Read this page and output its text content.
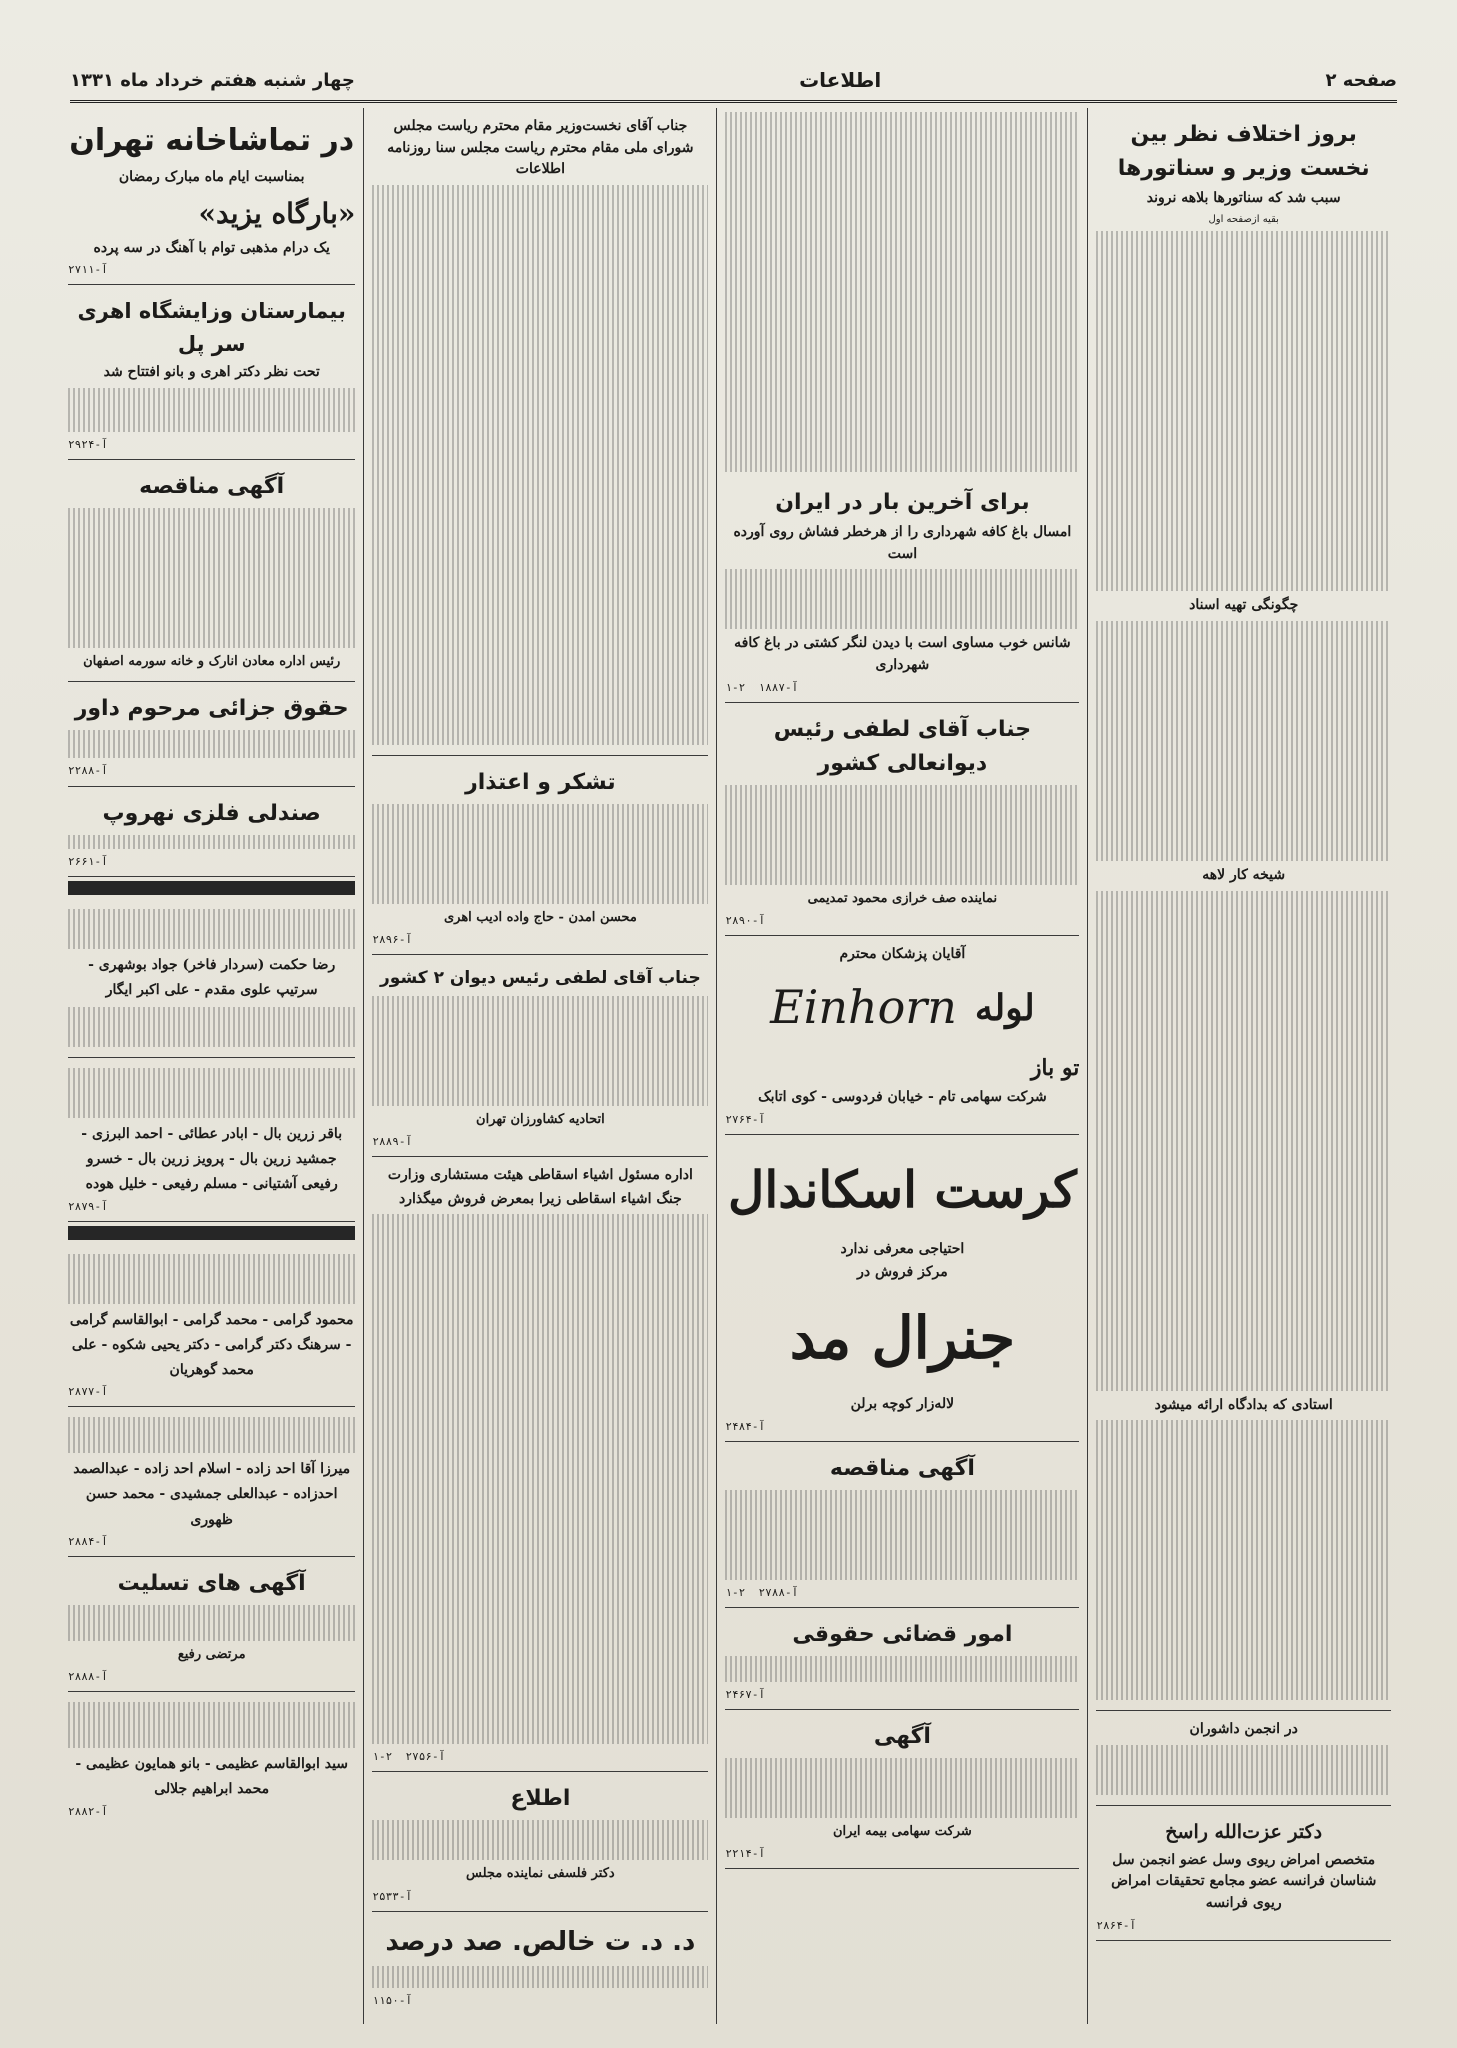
صفحه ۲
اطلاعات
چهار شنبه هفتم خرداد ماه ۱۳۳۱
بروز اختلاف نظر بین نخست وزیر و سناتورها
سبب شد که سناتورها بلاهه نروند
بقیه ازصفحه اول
چگونگی تهیه اسناد
شیخه کار لاهه
استادی که بدادگاه ارائه میشود
در انجمن داشوران
دکتر عزت‌الله راسخ
متخصص امراض ریوی وسل عضو انجمن سل شناسان فرانسه عضو مجامع تحقیقات امراض ریوی فرانسه
آ-۲۸۶۴
برای آخرین بار در ایران
امسال باغ کافه شهرداری را از هرخطر فشاش روی آورده است
شانس خوب مساوی است با دیدن لنگر کشتی در باغ کافه شهرداری
آ-۱۸۸۷  ۲-۱
جناب آقای لطفی رئیس دیوانعالی کشور
نماینده صف خرازی محمود تمدیمی
آ-۲۸۹۰
آقایان پزشکان محترم
لوله
Einhorn
تو باز
شرکت سهامی تام - خیابان فردوسی - کوی اتابک
آ-۲۷۶۴
کرست اسکاندال
احتیاجی معرفی ندارد
مرکز فروش در
جنرال مد
لاله‌زار کوچه برلن
آ-۲۴۸۴
آگهی مناقصه
آ-۲۷۸۸  ۲-۱
امور قضائی حقوقی
آ-۲۴۶۷
آگهی
شرکت سهامی بیمه ایران
آ-۲۲۱۴
جناب آقای نخست‌وزیر مقام محترم ریاست مجلس شورای ملی مقام محترم ریاست مجلس سنا روزنامه اطلاعات
تشکر و اعتذار
محسن امدن - حاج واده ادیب اهری
آ-۲۸۹۶
جناب آقای لطفی رئیس دیوان ۲ کشور
اتحادیه کشاورزان تهران
آ-۲۸۸۹
اداره مسئول اشیاء اسقاطی هیئت مستشاری وزارت
جنگ اشیاء اسقاطی زیرا بمعرض فروش میگذارد
آ-۲۷۵۶  ۲-۱
اطلاع
دکتر فلسفی نماینده مجلس
آ-۲۵۳۳
د. د. ت خالص. صد درصد
آ-۱۱۵۰
در تماشاخانه تهران
بمناسبت ایام ماه مبارک رمضان
«بارگاه یزید»
یک درام مذهبی توام با آهنگ در سه پرده
آ-۲۷۱۱
بیمارستان وزایشگاه اهری سر پل
تحت نظر دکتر اهری و بانو افتتاح شد
آ-۲۹۲۴
آگهی مناقصه
رئیس اداره معادن انارک و خانه سورمه اصفهان
حقوق جزائی مرحوم داور
آ-۲۲۸۸
صندلی فلزی نهروپ
آ-۲۶۶۱
رضا حکمت (سردار فاخر) جواد بوشهری - سرتیپ علوی مقدم - علی اکبر ایگار
باقر زرین بال - ابادر عطائی - احمد البرزی - جمشید زرین بال - پرویز زرین بال - خسرو رفیعی آشتیانی - مسلم رفیعی - خلیل هوده
آ-۲۸۷۹
محمود گرامی - محمد گرامی - ابوالقاسم گرامی - سرهنگ دکتر گرامی - دکتر یحیی شکوه - علی محمد گوهریان
آ-۲۸۷۷
میرزا آقا احد زاده - اسلام احد زاده - عبدالصمد احدزاده - عبدالعلی جمشیدی - محمد حسن ظهوری
آ-۲۸۸۴
آگهی های تسلیت
مرتضی رفیع
آ-۲۸۸۸
سید ابوالقاسم عظیمی - بانو همایون عظیمی - محمد ابراهیم جلالی
آ-۲۸۸۲
